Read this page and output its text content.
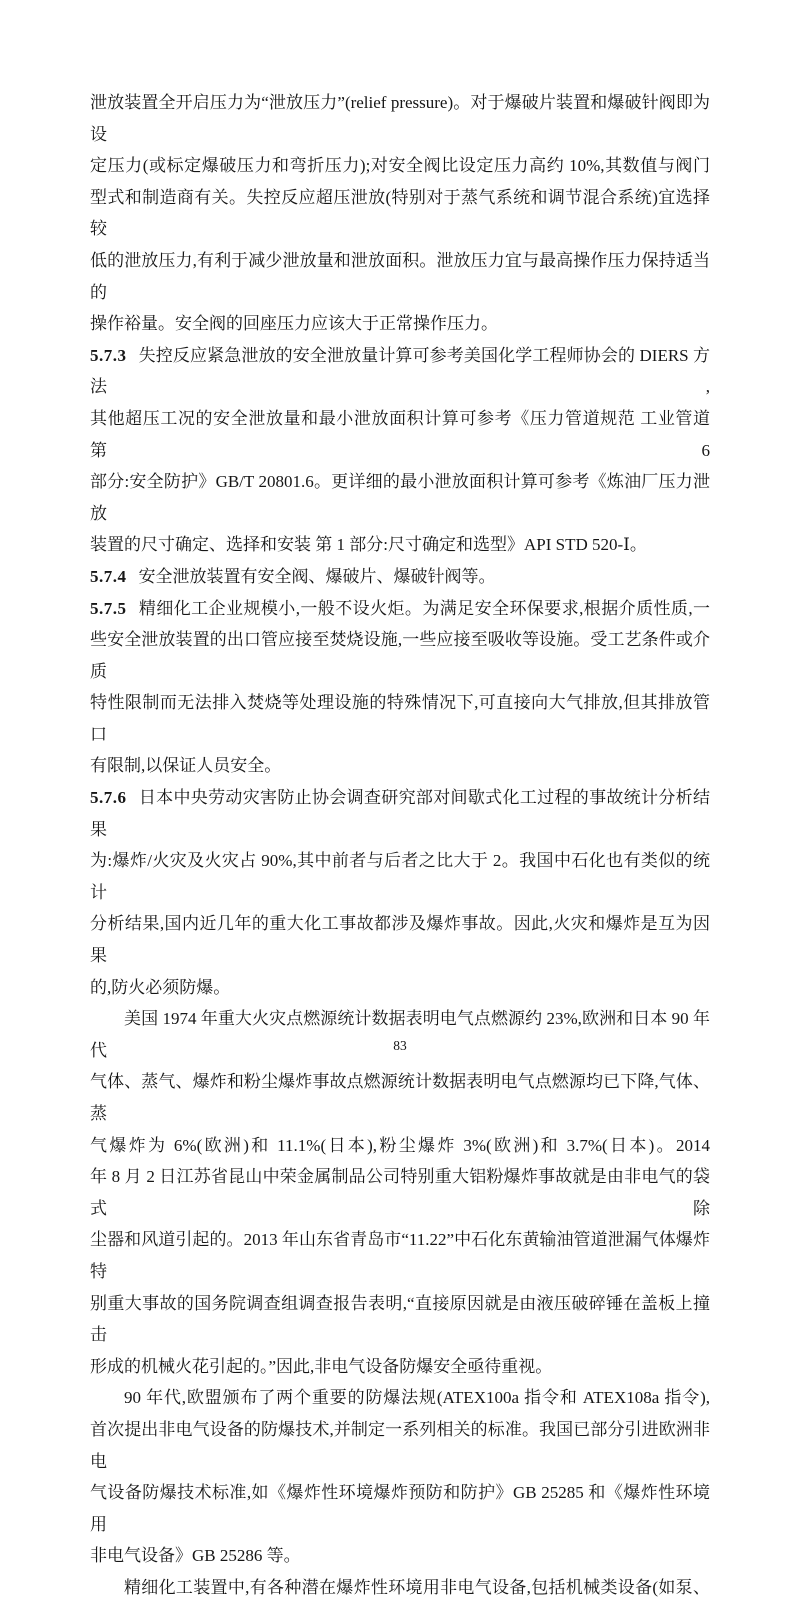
泄放装置全开启压力为“泄放压力”(relief pressure)。对于爆破片装置和爆破针阀即为设
定压力(或标定爆破压力和弯折压力);对安全阀比设定压力高约 10%,其数值与阀门
型式和制造商有关。失控反应超压泄放(特别对于蒸气系统和调节混合系统)宜选择较
低的泄放压力,有利于减少泄放量和泄放面积。泄放压力宜与最高操作压力保持适当的
操作裕量。安全阀的回座压力应该大于正常操作压力。
5.7.3 失控反应紧急泄放的安全泄放量计算可参考美国化学工程师协会的 DIERS 方法,
其他超压工况的安全泄放量和最小泄放面积计算可参考《压力管道规范 工业管道 第 6
部分:安全防护》GB/T 20801.6。更详细的最小泄放面积计算可参考《炼油厂压力泄放
装置的尺寸确定、选择和安装 第 1 部分:尺寸确定和选型》API STD 520-Ⅰ。
5.7.4 安全泄放装置有安全阀、爆破片、爆破针阀等。
5.7.5 精细化工企业规模小,一般不设火炬。为满足安全环保要求,根据介质性质,一
些安全泄放装置的出口管应接至焚烧设施,一些应接至吸收等设施。受工艺条件或介质
特性限制而无法排入焚烧等处理设施的特殊情况下,可直接向大气排放,但其排放管口
有限制,以保证人员安全。
5.7.6 日本中央劳动灾害防止协会调查研究部对间歇式化工过程的事故统计分析结果
为:爆炸/火灾及火灾占 90%,其中前者与后者之比大于 2。我国中石化也有类似的统计
分析结果,国内近几年的重大化工事故都涉及爆炸事故。因此,火灾和爆炸是互为因果
的,防火必须防爆。
美国 1974 年重大火灾点燃源统计数据表明电气点燃源约 23%,欧洲和日本 90 年代
气体、蒸气、爆炸和粉尘爆炸事故点燃源统计数据表明电气点燃源均已下降,气体、蒸
气爆炸为 6%(欧洲)和 11.1%(日本),粉尘爆炸 3%(欧洲)和 3.7%(日本)。2014
年 8 月 2 日江苏省昆山中荣金属制品公司特别重大铝粉爆炸事故就是由非电气的袋式除
尘器和风道引起的。2013 年山东省青岛市“11.22”中石化东黄输油管道泄漏气体爆炸特
别重大事故的国务院调查组调查报告表明,“直接原因就是由液压破碎锤在盖板上撞击
形成的机械火花引起的。”因此,非电气设备防爆安全亟待重视。
90 年代,欧盟颁布了两个重要的防爆法规(ATEX100a 指令和 ATEX108a 指令),
首次提出非电气设备的防爆技术,并制定一系列相关的标准。我国已部分引进欧洲非电
气设备防爆技术标准,如《爆炸性环境爆炸预防和防护》GB 25285 和《爆炸性环境用
非电气设备》GB 25286 等。
精细化工装置中,有各种潜在爆炸性环境用非电气设备,包括机械类设备(如泵、
83
